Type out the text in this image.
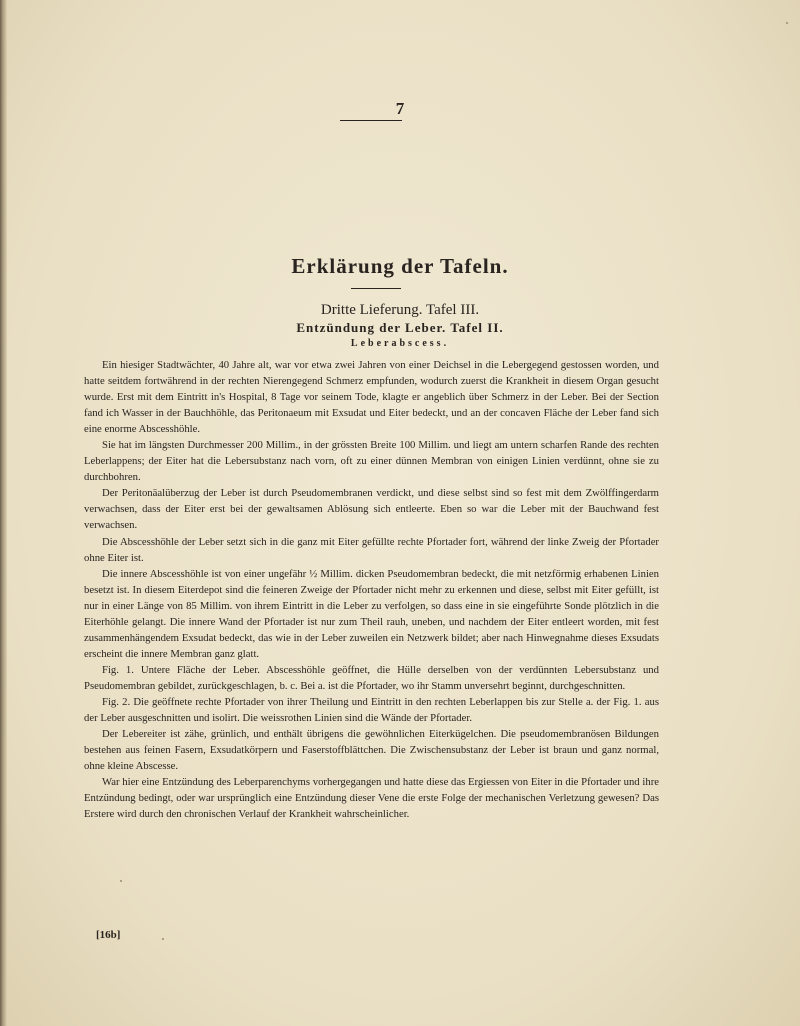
7
Erklärung der Tafeln.
Dritte Lieferung. Tafel III.
Entzündung der Leber. Tafel II.
Leberabscess.

Ein hiesiger Stadtwächter, 40 Jahre alt, war vor etwa zwei Jahren von einer Deichsel in die Lebergegend gestossen worden, und hatte seitdem fortwährend in der rechten Nierengegend Schmerz empfunden, wodurch zuerst die Krankheit in diesem Organ gesucht wurde. Erst mit dem Eintritt in's Hospital, 8 Tage vor seinem Tode, klagte er angeblich über Schmerz in der Leber. Bei der Section fand ich Wasser in der Bauchhöhle, das Peritonaeum mit Exsudat und Eiter bedeckt, und an der concaven Fläche der Leber fand sich eine enorme Abscesshöhle.

Sie hat im längsten Durchmesser 200 Millim., in der grössten Breite 100 Millim. und liegt am untern scharfen Rande des rechten Leberlappens; der Eiter hat die Lebersubstanz nach vorn, oft zu einer dünnen Membran von einigen Linien verdünnt, ohne sie zu durchbohren.

Der Peritonäalüberzug der Leber ist durch Pseudomembranen verdickt, und diese selbst sind so fest mit dem Zwölffingerdarm verwachsen, dass der Eiter erst bei der gewaltsamen Ablösung sich entleerte. Eben so war die Leber mit der Bauchwand fest verwachsen.

Die Abscesshöhle der Leber setzt sich in die ganz mit Eiter gefüllte rechte Pfortader fort, während der linke Zweig der Pfortader ohne Eiter ist.

Die innere Abscesshöhle ist von einer ungefähr ½ Millim. dicken Pseudomembran bedeckt, die mit netzförmig erhabenen Linien besetzt ist. In diesem Eiterdepot sind die feineren Zweige der Pfortader nicht mehr zu erkennen und diese, selbst mit Eiter gefüllt, ist nur in einer Länge von 85 Millim. von ihrem Eintritt in die Leber zu verfolgen, so dass eine in sie eingeführte Sonde plötzlich in die Eiterhöhle gelangt. Die innere Wand der Pfortader ist nur zum Theil rauh, uneben, und nachdem der Eiter entleert worden, mit fest zusammenhängendem Exsudat bedeckt, das wie in der Leber zuweilen ein Netzwerk bildet; aber nach Hinwegnahme dieses Exsudats erscheint die innere Membran ganz glatt.

Fig. 1. Untere Fläche der Leber. Abscesshöhle geöffnet, die Hülle derselben von der verdünnten Lebersubstanz und Pseudomembran gebildet, zurückgeschlagen, b. c. Bei a. ist die Pfortader, wo ihr Stamm unversehrt beginnt, durchgeschnitten.

Fig. 2. Die geöffnete rechte Pfortader von ihrer Theilung und Eintritt in den rechten Leberlappen bis zur Stelle a. der Fig. 1. aus der Leber ausgeschnitten und isolirt. Die weissrothen Linien sind die Wände der Pfortader.

Der Lebereiter ist zähe, grünlich, und enthält übrigens die gewöhnlichen Eiterkügelchen. Die pseudomembranösen Bildungen bestehen aus feinen Fasern, Exsudatkörpern und Faserstoffblättchen. Die Zwischensubstanz der Leber ist braun und ganz normal, ohne kleine Abscesse.

War hier eine Entzündung des Leberparenchyms vorhergegangen und hatte diese das Ergiessen von Eiter in die Pfortader und ihre Entzündung bedingt, oder war ursprünglich eine Entzündung dieser Vene die erste Folge der mechanischen Verletzung gewesen? Das Erstere wird durch den chronischen Verlauf der Krankheit wahrscheinlicher.

[16b]
